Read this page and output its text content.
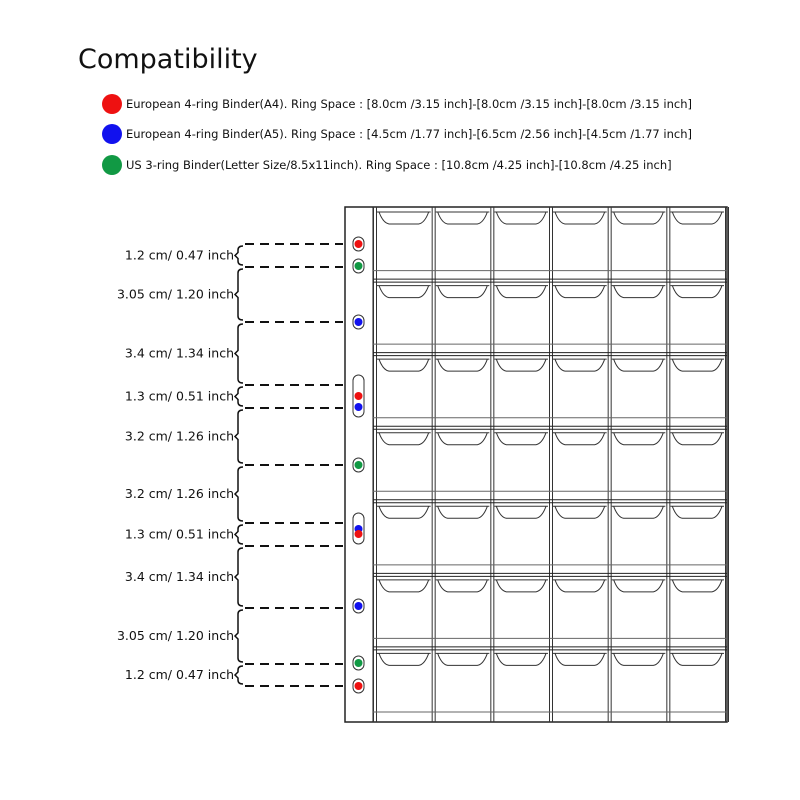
Compatibility
European 4-ring Binder(A4). Ring Space : [8.0cm /3.15 inch]-[8.0cm /3.15 inch]-[8.0cm /3.15 inch]
European 4-ring Binder(A5). Ring Space : [4.5cm /1.77 inch]-[6.5cm /2.56 inch]-[4.5cm /1.77 inch]
US 3-ring Binder(Letter Size/8.5x11inch). Ring Space : [10.8cm /4.25 inch]-[10.8cm /4.25 inch]
1.2 cm/ 0.47 inch
3.05 cm/ 1.20 inch
3.4 cm/ 1.34 inch
1.3 cm/ 0.51 inch
3.2 cm/ 1.26 inch
3.2 cm/ 1.26 inch
1.3 cm/ 0.51 inch
3.4 cm/ 1.34 inch
3.05 cm/ 1.20 inch
1.2 cm/ 0.47 inch
